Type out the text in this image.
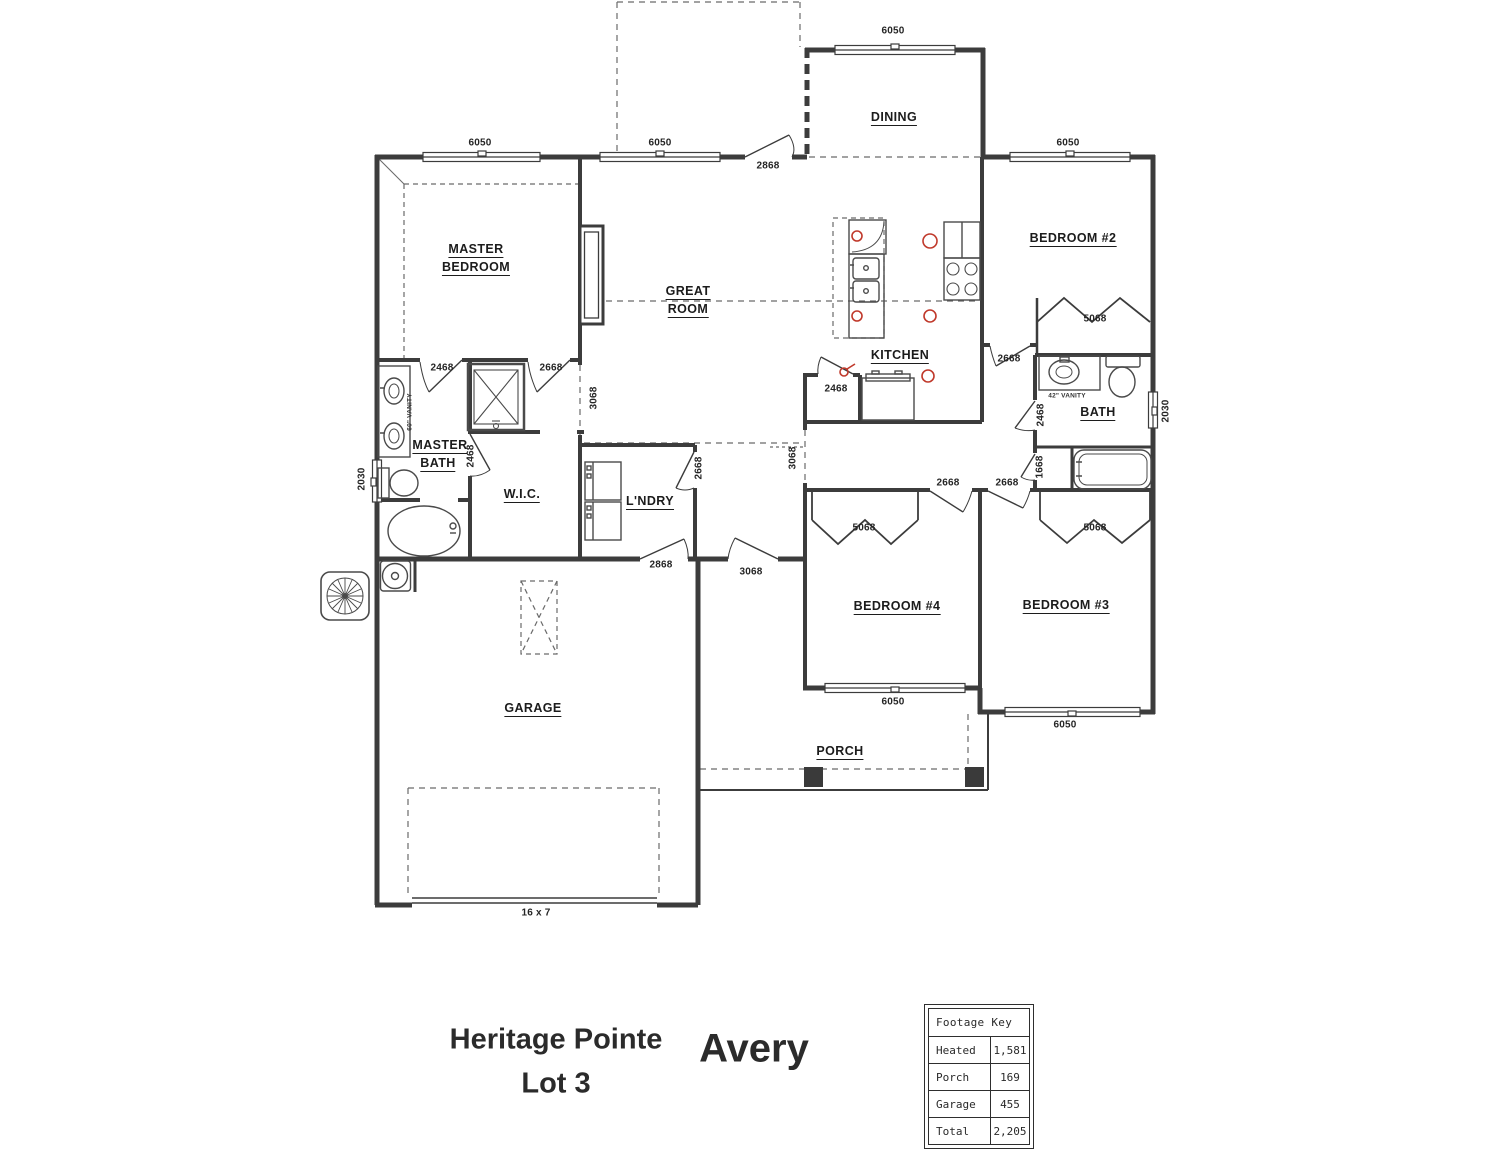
6050	6050
6050
6050
6050
6050
2868
2868
3068
3068
3068
2468
2468
2468
2468
2668
2668
2668	2668
2668
5068	5068
5068
1668
2030
2030
16 x 7
60" VANITY	42" VANITY
MASTER
BEDROOM
GREAT
ROOM
DINING
KITCHEN
BEDROOM #2
MASTER
BATH
W.I.C.	L'NDRY
BATH
BEDROOM #4	BEDROOM #3
GARAGE
PORCH
Heritage Pointe
Lot 3
Avery
Footage Key
Heated	1,581
Porch	169
Garage	455
Total	2,205
